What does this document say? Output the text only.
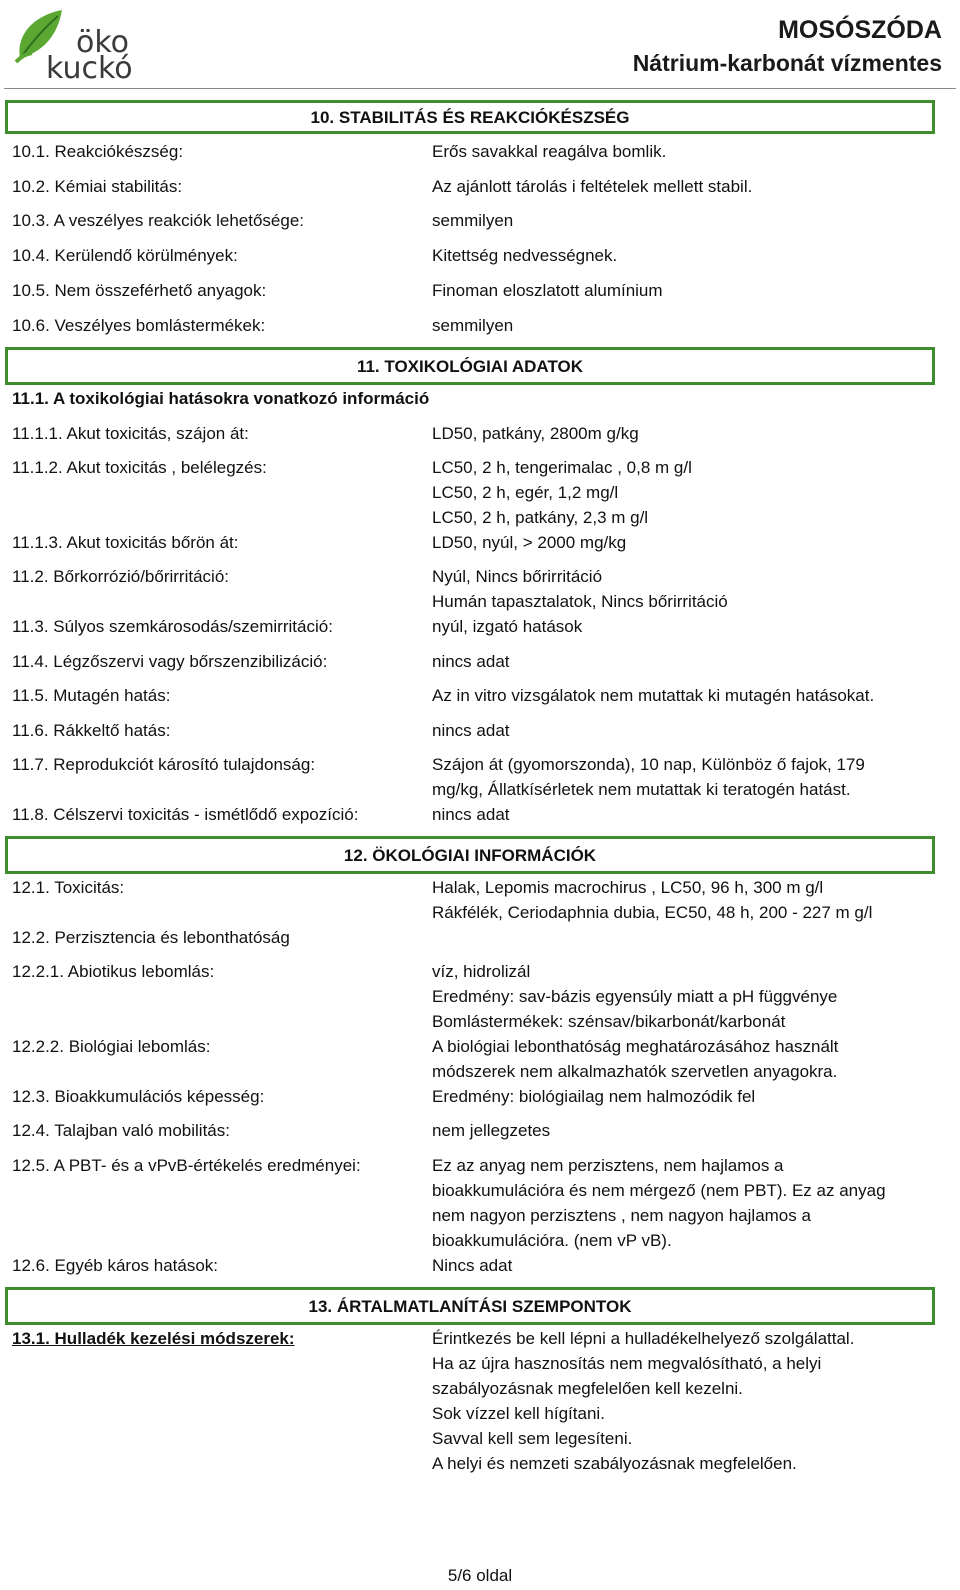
öko
kuckó
MOSÓSZÓDA
Nátrium-karbonát vízmentes
10. STABILITÁS ÉS REAKCIÓKÉSZSÉG
10.1. Reakciókészség:	Erős savakkal reagálva bomlik.
10.2. Kémiai stabilitás:	Az ajánlott tárolás i feltételek mellett stabil.
10.3. A veszélyes reakciók lehetősége:	semmilyen
10.4. Kerülendő körülmények:	Kitettség nedvességnek.
10.5. Nem összeférhető anyagok:	Finoman eloszlatott alumínium
10.6. Veszélyes bomlástermékek:	semmilyen
11. TOXIKOLÓGIAI ADATOK
11.1. A toxikológiai hatásokra vonatkozó információ
11.1.1. Akut toxicitás, szájon át:	LD50, patkány, 2800m g/kg
11.1.2. Akut toxicitás , belélegzés:	LC50, 2 h, tengerimalac , 0,8 m g/l
LC50, 2 h, egér, 1,2 mg/l
LC50, 2 h, patkány, 2,3 m g/l
11.1.3. Akut toxicitás bőrön át:	LD50, nyúl, > 2000 mg/kg
11.2. Bőrkorrózió/bőrirritáció:	Nyúl, Nincs bőrirritáció
Humán tapasztalatok, Nincs bőrirritáció
11.3. Súlyos szemkárosodás/szemirritáció:	nyúl, izgató hatások
11.4. Légzőszervi vagy bőrszenzibilizáció:	nincs adat
11.5. Mutagén hatás:	Az in vitro vizsgálatok nem mutattak ki mutagén hatásokat.
11.6. Rákkeltő hatás:	nincs adat
11.7. Reprodukciót károsító tulajdonság:	Szájon át (gyomorszonda), 10 nap, Különböz ő fajok, 179
mg/kg, Állatkísérletek nem mutattak ki teratogén hatást.
11.8. Célszervi toxicitás - ismétlődő expozíció:	nincs adat
12. ÖKOLÓGIAI INFORMÁCIÓK
12.1. Toxicitás:	Halak, Lepomis macrochirus , LC50, 96 h, 300 m g/l
Rákfélék, Ceriodaphnia dubia, EC50, 48 h, 200 - 227 m g/l
12.2. Perzisztencia és lebonthatóság
12.2.1. Abiotikus lebomlás:	víz, hidrolizál
Eredmény: sav-bázis egyensúly miatt a pH függvénye
Bomlástermékek: szénsav/bikarbonát/karbonát
12.2.2. Biológiai lebomlás:	A biológiai lebonthatóság meghatározásához használt
módszerek nem alkalmazhatók szervetlen anyagokra.
12.3. Bioakkumulációs képesség:	Eredmény: biológiailag nem halmozódik fel
12.4. Talajban való mobilitás:	nem jellegzetes
12.5. A PBT- és a vPvB-értékelés eredményei:	Ez az anyag nem perzisztens, nem hajlamos a
bioakkumulációra és nem mérgező (nem PBT). Ez az anyag
nem nagyon perzisztens , nem nagyon hajlamos a
bioakkumulációra. (nem vP vB).
12.6. Egyéb káros hatások:	Nincs adat
13. ÁRTALMATLANÍTÁSI SZEMPONTOK
13.1. Hulladék kezelési módszerek:	Érintkezés be kell lépni a hulladékelhelyező szolgálattal.
Ha az újra hasznosítás nem megvalósítható, a helyi
szabályozásnak megfelelően kell kezelni.
Sok vízzel kell hígítani.
Savval kell sem legesíteni.
A helyi és nemzeti szabályozásnak megfelelően.
5/6 oldal
